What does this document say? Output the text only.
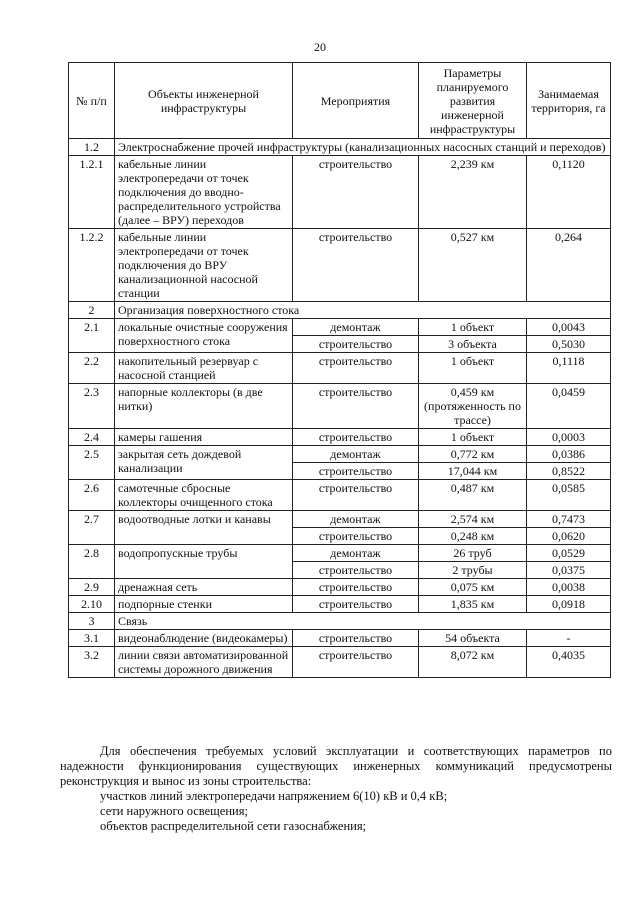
20
№ п/п	Объекты инженерной инфраструктуры	Мероприятия	Параметры планируемого развития инженерной инфраструктуры	Занимаемая территория, га
1.2	Электроснабжение прочей инфраструктуры (канализационных насосных станций и переходов)			
1.2.1	кабельные линии электропередачи от точек подключения до вводно-распределительного устройства (далее – ВРУ) переходов	строительство	2,239 км	0,1120
1.2.2	кабельные линии электропередачи от точек подключения до ВРУ канализационной насосной станции	строительство	0,527 км	0,264
2	Организация поверхностного стока			
2.1	локальные очистные сооружения поверхностного стока	демонтаж	1 объект	0,0043
		строительство	3 объекта	0,5030
2.2	накопительный резервуар с насосной станцией	строительство	1 объект	0,1118
2.3	напорные коллекторы (в две нитки)	строительство	0,459 км (протяженность по трассе)	0,0459
2.4	камеры гашения	строительство	1 объект	0,0003
2.5	закрытая сеть дождевой канализации	демонтаж	0,772 км	0,0386
		строительство	17,044 км	0,8522
2.6	самотечные сбросные коллекторы очищенного стока	строительство	0,487 км	0,0585
2.7	водоотводные лотки и канавы	демонтаж	2,574 км	0,7473
		строительство	0,248 км	0,0620
2.8	водопропускные трубы	демонтаж	26 труб	0,0529
		строительство	2 трубы	0,0375
2.9	дренажная сеть	строительство	0,075 км	0,0038
2.10	подпорные стенки	строительство	1,835 км	0,0918
3	Связь			
3.1	видеонаблюдение (видеокамеры)	строительство	54 объекта	-
3.2	линии связи автоматизированной системы дорожного движения	строительство	8,072 км	0,4035

Для обеспечения требуемых условий эксплуатации и соответствующих параметров по надежности функционирования существующих инженерных коммуникаций предусмотрены реконструкция и вынос из зоны строительства:

участков линий электропередачи напряжением 6(10) кВ и 0,4 кВ;

сети наружного освещения;

объектов распределительной сети газоснабжения;
